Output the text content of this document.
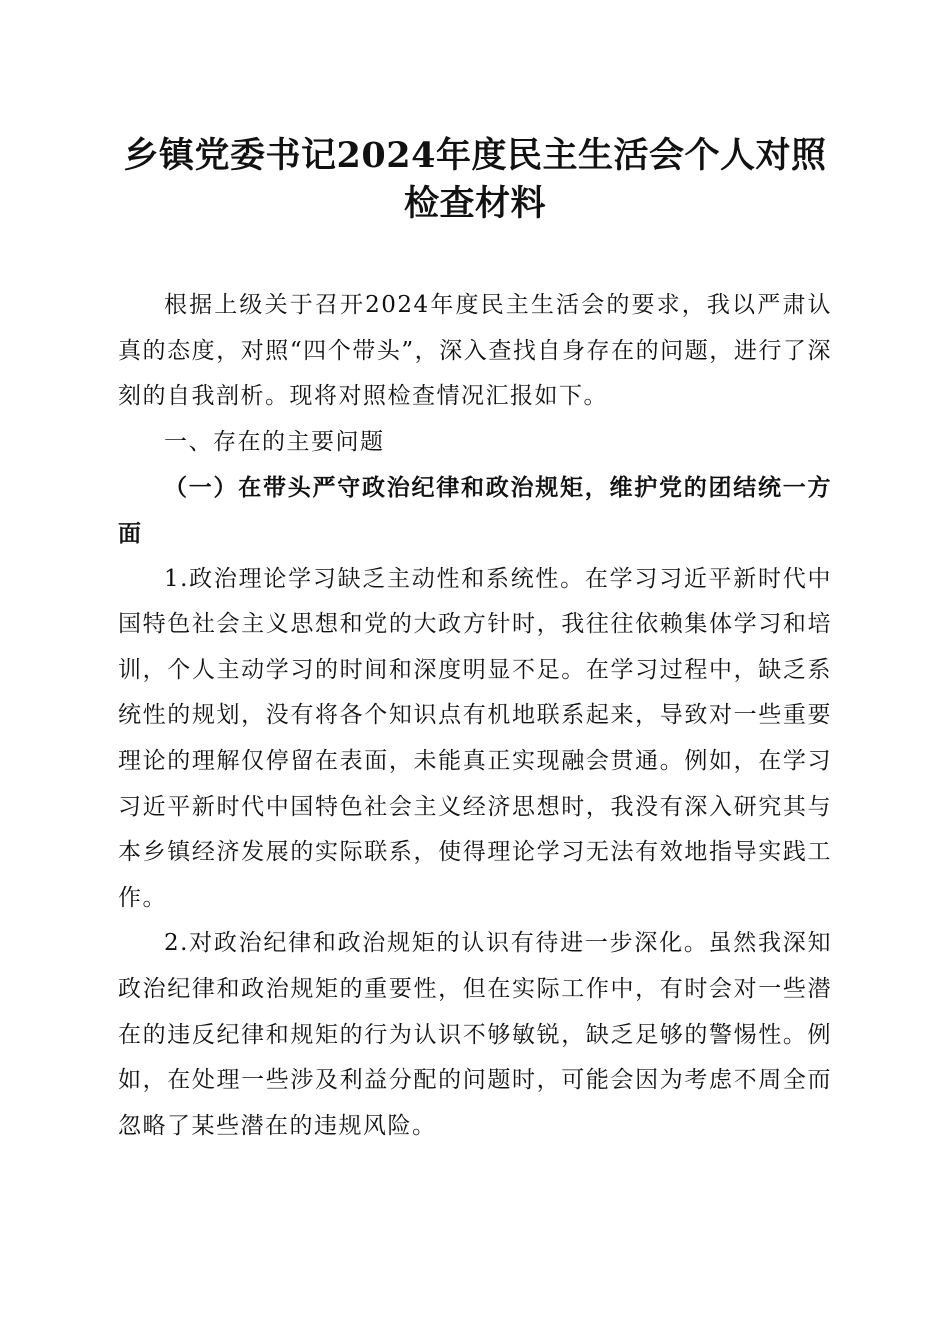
乡镇党委书记2024年度民主生活会个人对照
检查材料

根据上级关于召开2024年度民主生活会的要求，我以严肃认真的态度，对照“四个带头”，深入查找自身存在的问题，进行了深刻的自我剖析。现将对照检查情况汇报如下。

一、存在的主要问题

（一）在带头严守政治纪律和政治规矩，维护党的团结统一方面

1.政治理论学习缺乏主动性和系统性。在学习习近平新时代中国特色社会主义思想和党的大政方针时，我往往依赖集体学习和培训，个人主动学习的时间和深度明显不足。在学习过程中，缺乏系统性的规划，没有将各个知识点有机地联系起来，导致对一些重要理论的理解仅停留在表面，未能真正实现融会贯通。例如，在学习习近平新时代中国特色社会主义经济思想时，我没有深入研究其与本乡镇经济发展的实际联系，使得理论学习无法有效地指导实践工作。

2.对政治纪律和政治规矩的认识有待进一步深化。虽然我深知政治纪律和政治规矩的重要性，但在实际工作中，有时会对一些潜在的违反纪律和规矩的行为认识不够敏锐，缺乏足够的警惕性。例如，在处理一些涉及利益分配的问题时，可能会因为考虑不周全而忽略了某些潜在的违规风险。
